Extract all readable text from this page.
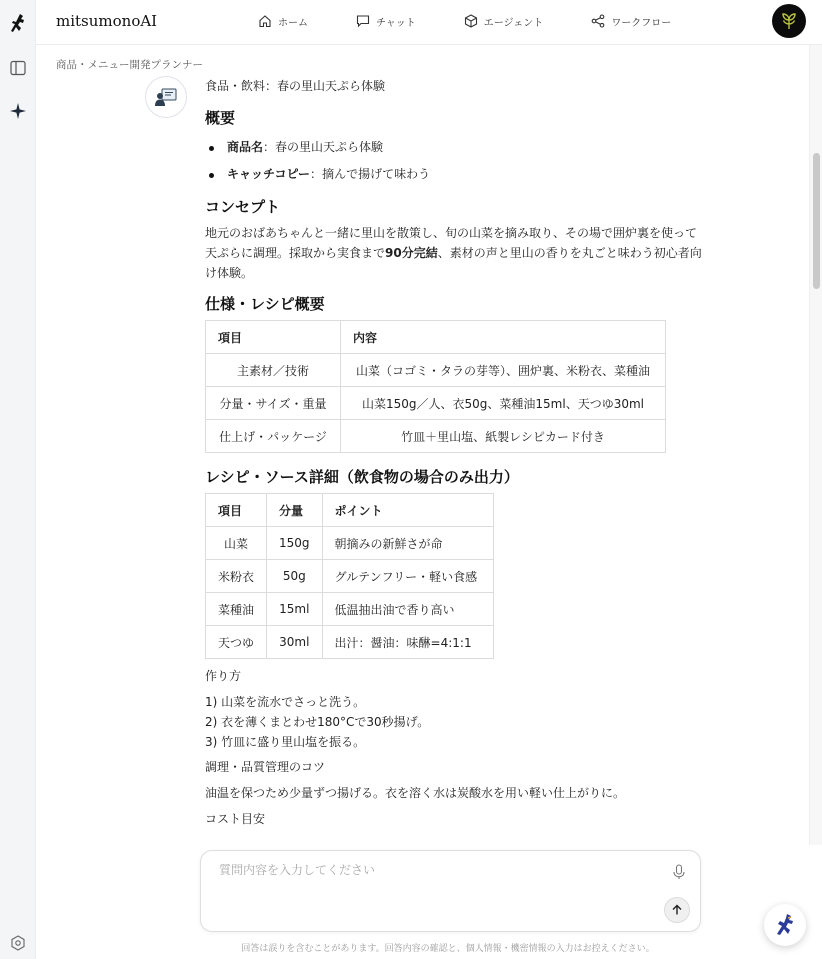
mitsumonoAI	ホーム	チャット	エージェント	ワークフロー
商品・メニュー開発プランナー

食品・飲料：春の里山天ぷら体験

概要
商品名：春の里山天ぷら体験
キャッチコピー：摘んで揚げて味わう
コンセプト

地元のおばあちゃんと一緒に里山を散策し、旬の山菜を摘み取り、その場で囲炉裏を使って天ぷらに調理。採取から実食まで90分完結、素材の声と里山の香りを丸ごと味わう初心者向け体験。

仕様・レシピ概要
項目	内容
主素材／技術	山菜（コゴミ・タラの芽等）、囲炉裏、米粉衣、菜種油
分量・サイズ・重量	山菜150g／人、衣50g、菜種油15ml、天つゆ30ml
仕上げ・パッケージ	竹皿＋里山塩、紙製レシピカード付き
レシピ・ソース詳細（飲食物の場合のみ出力）
項目	分量	ポイント
山菜	150g	朝摘みの新鮮さが命
米粉衣	50g	グルテンフリー・軽い食感
菜種油	15ml	低温抽出油で香り高い
天つゆ	30ml	出汁：醤油：味醂=4:1:1

作り方

1) 山菜を流水でさっと洗う。

2) 衣を薄くまとわせ180°Cで30秒揚げ。

3) 竹皿に盛り里山塩を振る。

調理・品質管理のコツ

油温を保つため少量ずつ揚げる。衣を溶く水は炭酸水を用い軽い仕上がりに。

コスト目安

質問内容を入力してください
回答は誤りを含むことがあります。回答内容の確認と、個人情報・機密情報の入力はお控えください。
